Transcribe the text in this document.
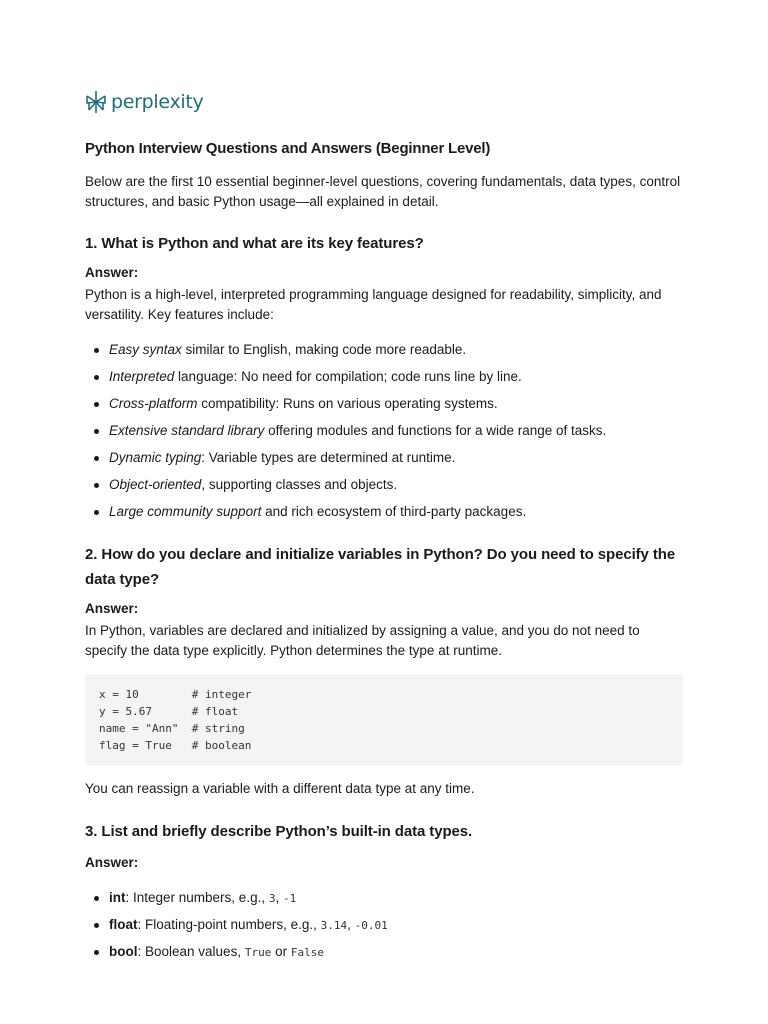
perplexity
Python Interview Questions and Answers (Beginner Level)
Below are the first 10 essential beginner-level questions, covering fundamentals, data types, control structures, and basic Python usage—all explained in detail.
1. What is Python and what are its key features?
Answer:
Python is a high-level, interpreted programming language designed for readability, simplicity, and versatility. Key features include:
Easy syntax similar to English, making code more readable.
Interpreted language: No need for compilation; code runs line by line.
Cross-platform compatibility: Runs on various operating systems.
Extensive standard library offering modules and functions for a wide range of tasks.
Dynamic typing: Variable types are determined at runtime.
Object-oriented, supporting classes and objects.
Large community support and rich ecosystem of third-party packages.
2. How do you declare and initialize variables in Python? Do you need to specify the data type?
Answer:
In Python, variables are declared and initialized by assigning a value, and you do not need to specify the data type explicitly. Python determines the type at runtime.
x = 10        # integer
y = 5.67      # float
name = "Ann"  # string
flag = True   # boolean
You can reassign a variable with a different data type at any time.
3. List and briefly describe Python’s built-in data types.
Answer:
int: Integer numbers, e.g., 3, -1
float: Floating-point numbers, e.g., 3.14, -0.01
bool: Boolean values, True or False
